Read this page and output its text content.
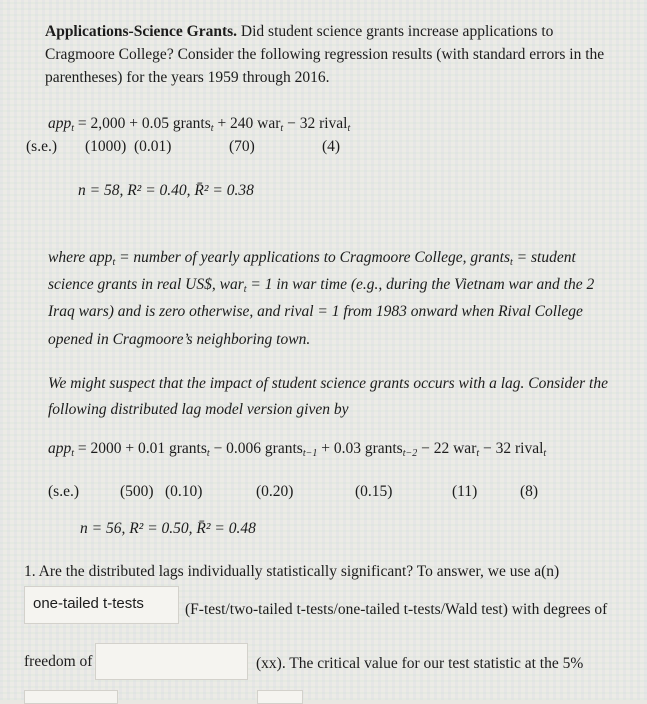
Applications-Science Grants. Did student science grants increase applications to
Cragmoore College? Consider the following regression results (with standard errors in the
parentheses) for the years 1959 through 2016.
app$_t$ = 2,000 + 0.05 grants$_t$ + 240 war$_t$ − 32 rival$_t$
(s.e.) (1000) (0.01)	(70)	(4)
n = 58, R² = 0.40, R̄² = 0.38
where app$_t$ = number of yearly applications to Cragmoore College, grants$_t$ = student
science grants in real US$, war$_t$ = 1 in war time (e.g., during the Vietnam war and the 2
Iraq wars) and is zero otherwise, and rival = 1 from 1983 onward when Rival College
opened in Cragmoore’s neighboring town.
We might suspect that the impact of student science grants occurs with a lag. Consider the
following distributed lag model version given by
app$_t$ = 2000 + 0.01 grants$_t$ − 0.006 grants$_{t-1}$ + 0.03 grants$_{t-2}$ − 22 war$_t$ − 32 rival$_t$
(s.e.)	(500) (0.10)	(0.20)	(0.15)	(11)	(8)
n = 56, R² = 0.50, R̄² = 0.48
1. Are the distributed lags individually statistically significant? To answer, we use a(n)
one-tailed t-tests	(F-test/two-tailed t-tests/one-tailed t-tests/Wald test) with degrees of
freedom of	(xx). The critical value for our test statistic at the 5%
